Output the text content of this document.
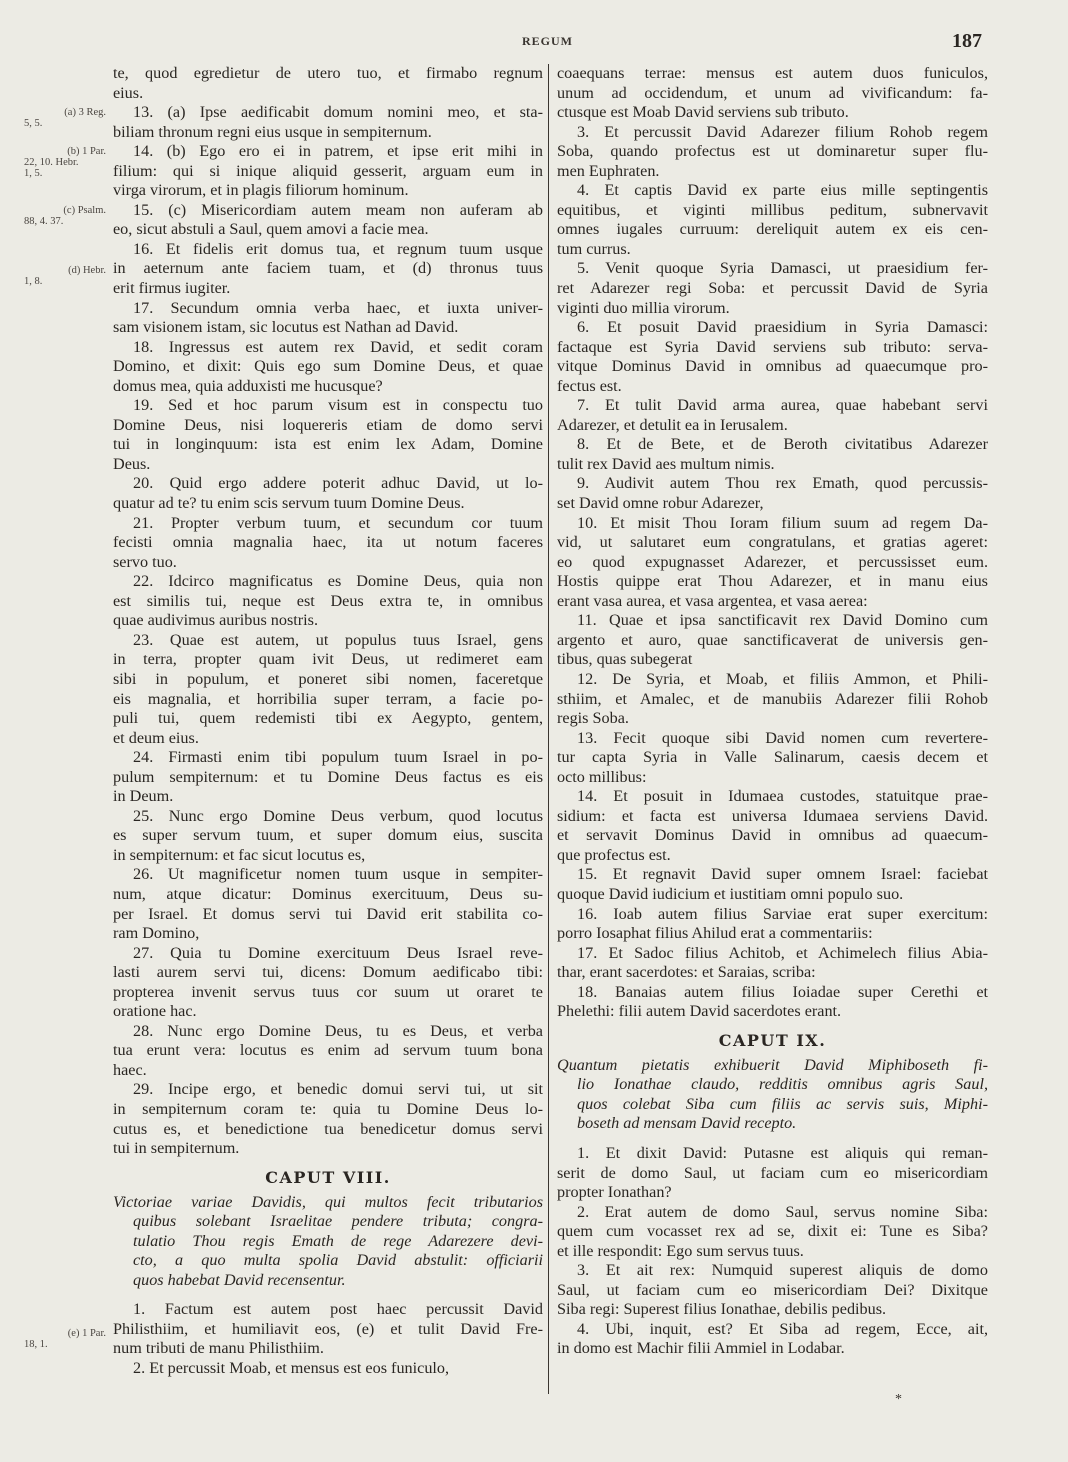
REGUM	187
(a) 3 Reg.
5, 5.
(b) 1 Par.
22, 10. Hebr.
1, 5.
(c) Psalm.
88, 4. 37.
(d) Hebr.
1, 8.
(e) 1 Par.
18, 1.
te, quod egredietur de utero tuo, et firmabo regnum
eius.
13. (a) Ipse aedificabit domum nomini meo, et sta-
biliam thronum regni eius usque in sempiternum.
14. (b) Ego ero ei in patrem, et ipse erit mihi in
filium: qui si inique aliquid gesserit, arguam eum in
virga virorum, et in plagis filiorum hominum.
15. (c) Misericordiam autem meam non auferam ab
eo, sicut abstuli a Saul, quem amovi a facie mea.
16. Et fidelis erit domus tua, et regnum tuum usque
in aeternum ante faciem tuam, et (d) thronus tuus
erit firmus iugiter.
17. Secundum omnia verba haec, et iuxta univer-
sam visionem istam, sic locutus est Nathan ad David.
18. Ingressus est autem rex David, et sedit coram
Domino, et dixit: Quis ego sum Domine Deus, et quae
domus mea, quia adduxisti me hucusque?
19. Sed et hoc parum visum est in conspectu tuo
Domine Deus, nisi loquereris etiam de domo servi
tui in longinquum: ista est enim lex Adam, Domine
Deus.
20. Quid ergo addere poterit adhuc David, ut lo-
quatur ad te? tu enim scis servum tuum Domine Deus.
21. Propter verbum tuum, et secundum cor tuum
fecisti omnia magnalia haec, ita ut notum faceres
servo tuo.
22. Idcirco magnificatus es Domine Deus, quia non
est similis tui, neque est Deus extra te, in omnibus
quae audivimus auribus nostris.
23. Quae est autem, ut populus tuus Israel, gens
in terra, propter quam ivit Deus, ut redimeret eam
sibi in populum, et poneret sibi nomen, faceretque
eis magnalia, et horribilia super terram, a facie po-
puli tui, quem redemisti tibi ex Aegypto, gentem,
et deum eius.
24. Firmasti enim tibi populum tuum Israel in po-
pulum sempiternum: et tu Domine Deus factus es eis
in Deum.
25. Nunc ergo Domine Deus verbum, quod locutus
es super servum tuum, et super domum eius, suscita
in sempiternum: et fac sicut locutus es,
26. Ut magnificetur nomen tuum usque in sempiter-
num, atque dicatur: Dominus exercituum, Deus su-
per Israel. Et domus servi tui David erit stabilita co-
ram Domino,
27. Quia tu Domine exercituum Deus Israel reve-
lasti aurem servi tui, dicens: Domum aedificabo tibi:
propterea invenit servus tuus cor suum ut oraret te
oratione hac.
28. Nunc ergo Domine Deus, tu es Deus, et verba
tua erunt vera: locutus es enim ad servum tuum bona
haec.
29. Incipe ergo, et benedic domui servi tui, ut sit
in sempiternum coram te: quia tu Domine Deus lo-
cutus es, et benedictione tua benedicetur domus servi
tui in sempiternum.
CAPUT VIII.
Victoriae variae Davidis, qui multos fecit tributarios
quibus solebant Israelitae pendere tributa; congra-
tulatio Thou regis Emath de rege Adarezere devi-
cto, a quo multa spolia David abstulit: officiarii
quos habebat David recensentur.
1. Factum est autem post haec percussit David
Philisthiim, et humiliavit eos, (e) et tulit David Fre-
num tributi de manu Philisthiim.
2. Et percussit Moab, et mensus est eos funiculo,
coaequans terrae: mensus est autem duos funiculos,
unum ad occidendum, et unum ad vivificandum: fa-
ctusque est Moab David serviens sub tributo.
3. Et percussit David Adarezer filium Rohob regem
Soba, quando profectus est ut dominaretur super flu-
men Euphraten.
4. Et captis David ex parte eius mille septingentis
equitibus, et viginti millibus peditum, subnervavit
omnes iugales curruum: dereliquit autem ex eis cen-
tum currus.
5. Venit quoque Syria Damasci, ut praesidium fer-
ret Adarezer regi Soba: et percussit David de Syria
viginti duo millia virorum.
6. Et posuit David praesidium in Syria Damasci:
factaque est Syria David serviens sub tributo: serva-
vitque Dominus David in omnibus ad quaecumque pro-
fectus est.
7. Et tulit David arma aurea, quae habebant servi
Adarezer, et detulit ea in Ierusalem.
8. Et de Bete, et de Beroth civitatibus Adarezer
tulit rex David aes multum nimis.
9. Audivit autem Thou rex Emath, quod percussis-
set David omne robur Adarezer,
10. Et misit Thou Ioram filium suum ad regem Da-
vid, ut salutaret eum congratulans, et gratias ageret:
eo quod expugnasset Adarezer, et percussisset eum.
Hostis quippe erat Thou Adarezer, et in manu eius
erant vasa aurea, et vasa argentea, et vasa aerea:
11. Quae et ipsa sanctificavit rex David Domino cum
argento et auro, quae sanctificaverat de universis gen-
tibus, quas subegerat
12. De Syria, et Moab, et filiis Ammon, et Phili-
sthiim, et Amalec, et de manubiis Adarezer filii Rohob
regis Soba.
13. Fecit quoque sibi David nomen cum revertere-
tur capta Syria in Valle Salinarum, caesis decem et
octo millibus:
14. Et posuit in Idumaea custodes, statuitque prae-
sidium: et facta est universa Idumaea serviens David.
et servavit Dominus David in omnibus ad quaecum-
que profectus est.
15. Et regnavit David super omnem Israel: faciebat
quoque David iudicium et iustitiam omni populo suo.
16. Ioab autem filius Sarviae erat super exercitum:
porro Iosaphat filius Ahilud erat a commentariis:
17. Et Sadoc filius Achitob, et Achimelech filius Abia-
thar, erant sacerdotes: et Saraias, scriba:
18. Banaias autem filius Ioiadae super Cerethi et
Phelethi: filii autem David sacerdotes erant.
CAPUT IX.
Quantum pietatis exhibuerit David Miphiboseth fi-
lio Ionathae claudo, redditis omnibus agris Saul,
quos colebat Siba cum filiis ac servis suis, Miphi-
boseth ad mensam David recepto.
1. Et dixit David: Putasne est aliquis qui reman-
serit de domo Saul, ut faciam cum eo misericordiam
propter Ionathan?
2. Erat autem de domo Saul, servus nomine Siba:
quem cum vocasset rex ad se, dixit ei: Tune es Siba?
et ille respondit: Ego sum servus tuus.
3. Et ait rex: Numquid superest aliquis de domo
Saul, ut faciam cum eo misericordiam Dei? Dixitque
Siba regi: Superest filius Ionathae, debilis pedibus.
4. Ubi, inquit, est? Et Siba ad regem, Ecce, ait,
in domo est Machir filii Ammiel in Lodabar.
*
